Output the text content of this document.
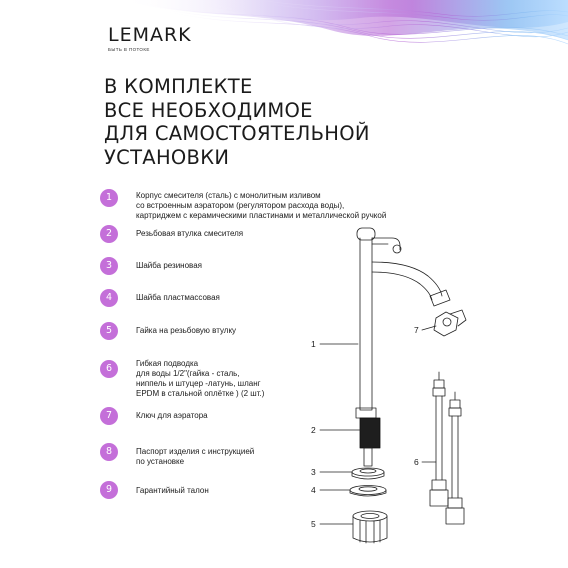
LEMARK
БЫТЬ В ПОТОКЕ
В КОМПЛЕКТЕ
ВСЕ НЕОБХОДИМОЕ
ДЛЯ САМОСТОЯТЕЛЬНОЙ
УСТАНОВКИ
1	Корпус смесителя (сталь) с монолитным изливом
со встроенным аэратором (регулятором расхода воды),
картриджем с керамическими пластинами и металлической ручкой
2	Резьбовая втулка смесителя
3	Шайба резиновая
4	Шайба пластмассовая
5	Гайка на резьбовую втулку
6	Гибкая подводка
для воды 1/2"(гайка - сталь,
ниппель и штуцер -латунь, шланг
EPDM в стальной оплётке ) (2 шт.)
7	Ключ для аэратора
8	Паспорт изделия с инструкцией
по установке
9	Гарантийный талон
1
2
3
4
5
6
7
